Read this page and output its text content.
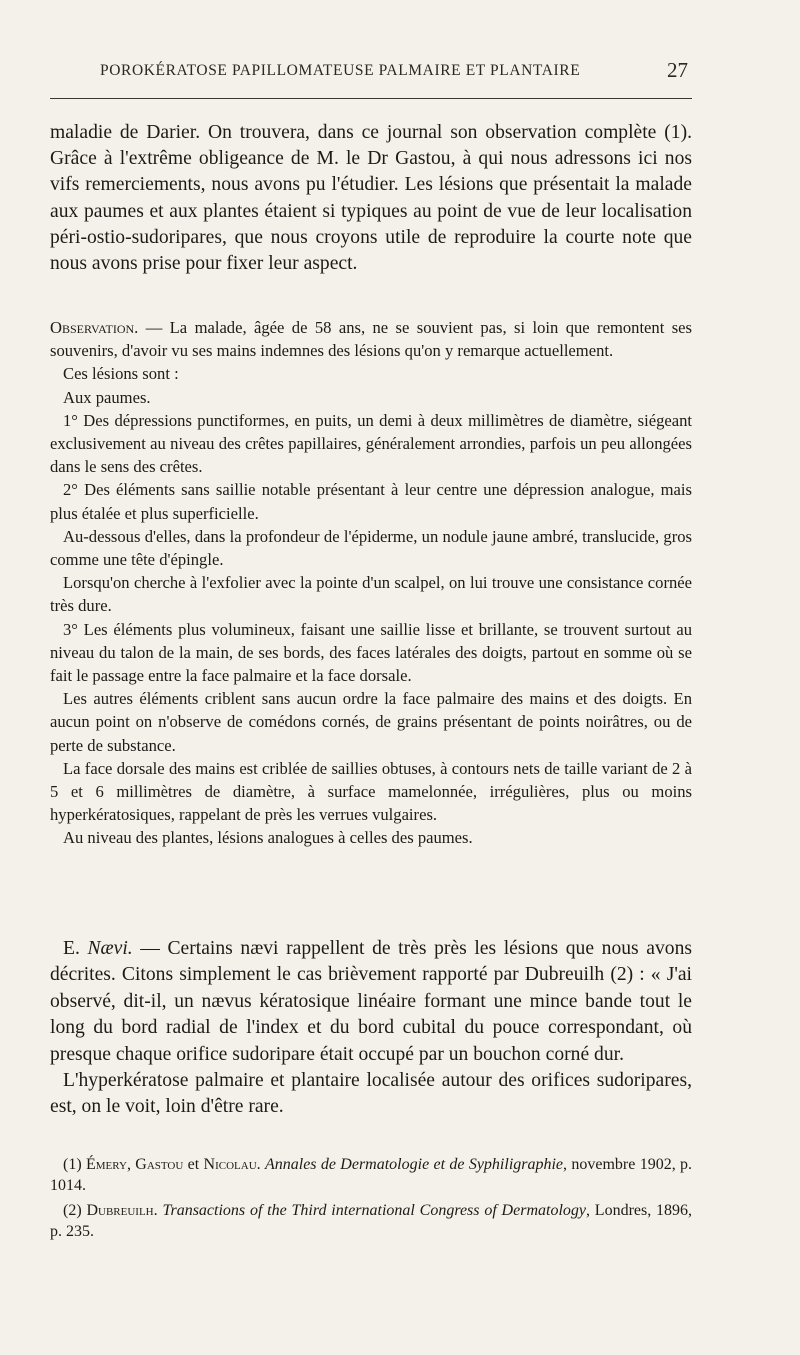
POROKÉRATOSE PAPILLOMATEUSE PALMAIRE ET PLANTAIRE	27

maladie de Darier. On trouvera, dans ce journal son observation complète (1). Grâce à l'extrême obligeance de M. le Dr Gastou, à qui nous adressons ici nos vifs remerciements, nous avons pu l'étudier. Les lésions que présentait la malade aux paumes et aux plantes étaient si typiques au point de vue de leur localisation péri-ostio-sudoripares, que nous croyons utile de reproduire la courte note que nous avons prise pour fixer leur aspect.

Observation. — La malade, âgée de 58 ans, ne se souvient pas, si loin que remontent ses souvenirs, d'avoir vu ses mains indemnes des lésions qu'on y remarque actuellement.

Ces lésions sont :

Aux paumes.

1° Des dépressions punctiformes, en puits, un demi à deux millimètres de diamètre, siégeant exclusivement au niveau des crêtes papillaires, généralement arrondies, parfois un peu allongées dans le sens des crêtes.

2° Des éléments sans saillie notable présentant à leur centre une dépression analogue, mais plus étalée et plus superficielle.

Au-dessous d'elles, dans la profondeur de l'épiderme, un nodule jaune ambré, translucide, gros comme une tête d'épingle.

Lorsqu'on cherche à l'exfolier avec la pointe d'un scalpel, on lui trouve une consistance cornée très dure.

3° Les éléments plus volumineux, faisant une saillie lisse et brillante, se trouvent surtout au niveau du talon de la main, de ses bords, des faces latérales des doigts, partout en somme où se fait le passage entre la face palmaire et la face dorsale.

Les autres éléments criblent sans aucun ordre la face palmaire des mains et des doigts. En aucun point on n'observe de comédons cornés, de grains présentant de points noirâtres, ou de perte de substance.

La face dorsale des mains est criblée de saillies obtuses, à contours nets de taille variant de 2 à 5 et 6 millimètres de diamètre, à surface mamelonnée, irrégulières, plus ou moins hyperkératosiques, rappelant de près les verrues vulgaires.

Au niveau des plantes, lésions analogues à celles des paumes.

E. Nævi. — Certains nævi rappellent de très près les lésions que nous avons décrites. Citons simplement le cas brièvement rapporté par Dubreuilh (2) : « J'ai observé, dit-il, un nævus kératosique linéaire formant une mince bande tout le long du bord radial de l'index et du bord cubital du pouce correspondant, où presque chaque orifice sudoripare était occupé par un bouchon corné dur.

L'hyperkératose palmaire et plantaire localisée autour des orifices sudoripares, est, on le voit, loin d'être rare.

(1) Émery, Gastou et Nicolau. Annales de Dermatologie et de Syphiligraphie, novembre 1902, p. 1014.

(2) Dubreuilh. Transactions of the Third international Congress of Dermatology, Londres, 1896, p. 235.
